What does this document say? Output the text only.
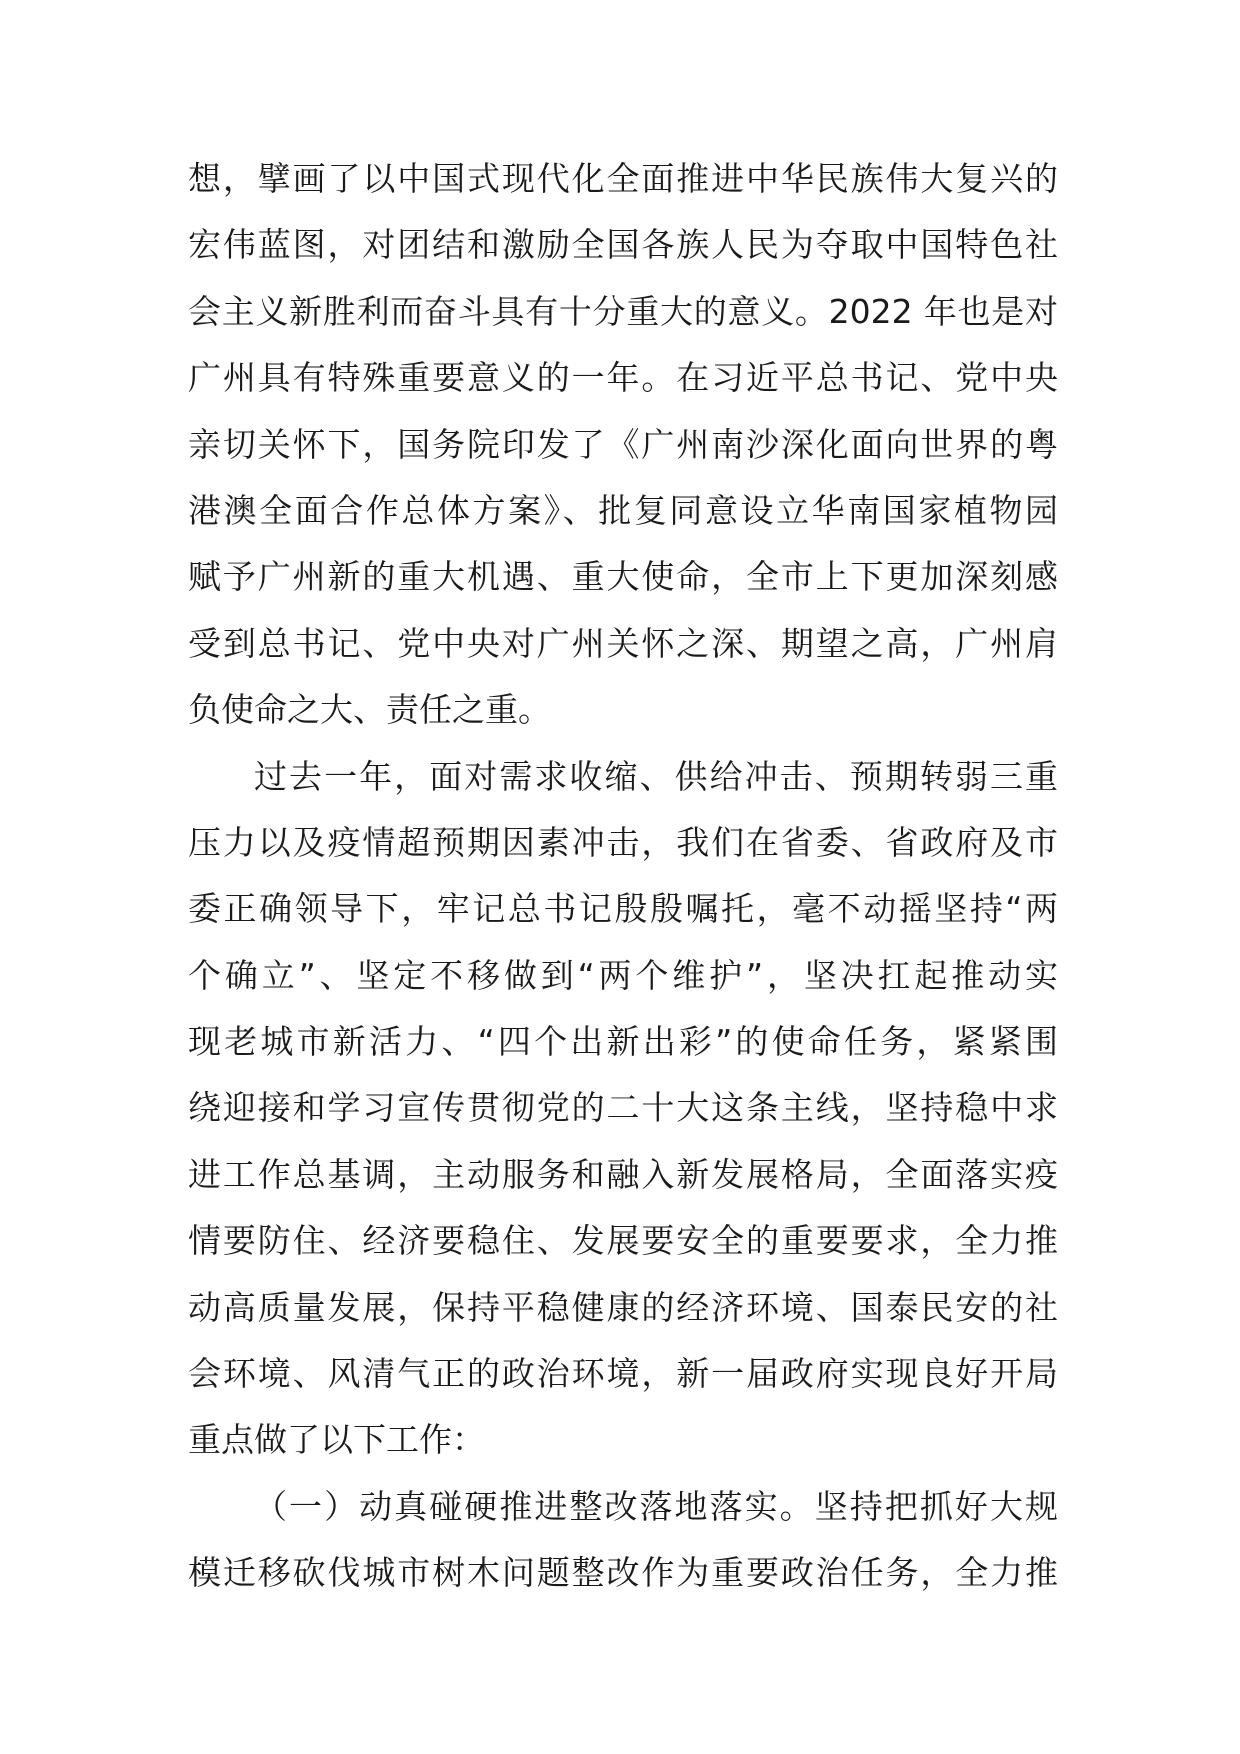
想，擘画了以中国式现代化全面推进中华民族伟大复兴的
宏伟蓝图，对团结和激励全国各族人民为夺取中国特色社
会主义新胜利而奋斗具有十分重大的意义。2022 年也是对
广州具有特殊重要意义的一年。在习近平总书记、党中央
亲切关怀下，国务院印发了《广州南沙深化面向世界的粤
港澳全面合作总体方案》、批复同意设立华南国家植物园
赋予广州新的重大机遇、重大使命，全市上下更加深刻感
受到总书记、党中央对广州关怀之深、期望之高，广州肩
负使命之大、责任之重。
过去一年，面对需求收缩、供给冲击、预期转弱三重
压力以及疫情超预期因素冲击，我们在省委、省政府及市
委正确领导下，牢记总书记殷殷嘱托，毫不动摇坚持“两
个确立”、坚定不移做到“两个维护”，坚决扛起推动实
现老城市新活力、“四个出新出彩”的使命任务，紧紧围
绕迎接和学习宣传贯彻党的二十大这条主线，坚持稳中求
进工作总基调，主动服务和融入新发展格局，全面落实疫
情要防住、经济要稳住、发展要安全的重要要求，全力推
动高质量发展，保持平稳健康的经济环境、国泰民安的社
会环境、风清气正的政治环境，新一届政府实现良好开局
重点做了以下工作：
（一）动真碰硬推进整改落地落实。坚持把抓好大规
模迁移砍伐城市树木问题整改作为重要政治任务，全力推
